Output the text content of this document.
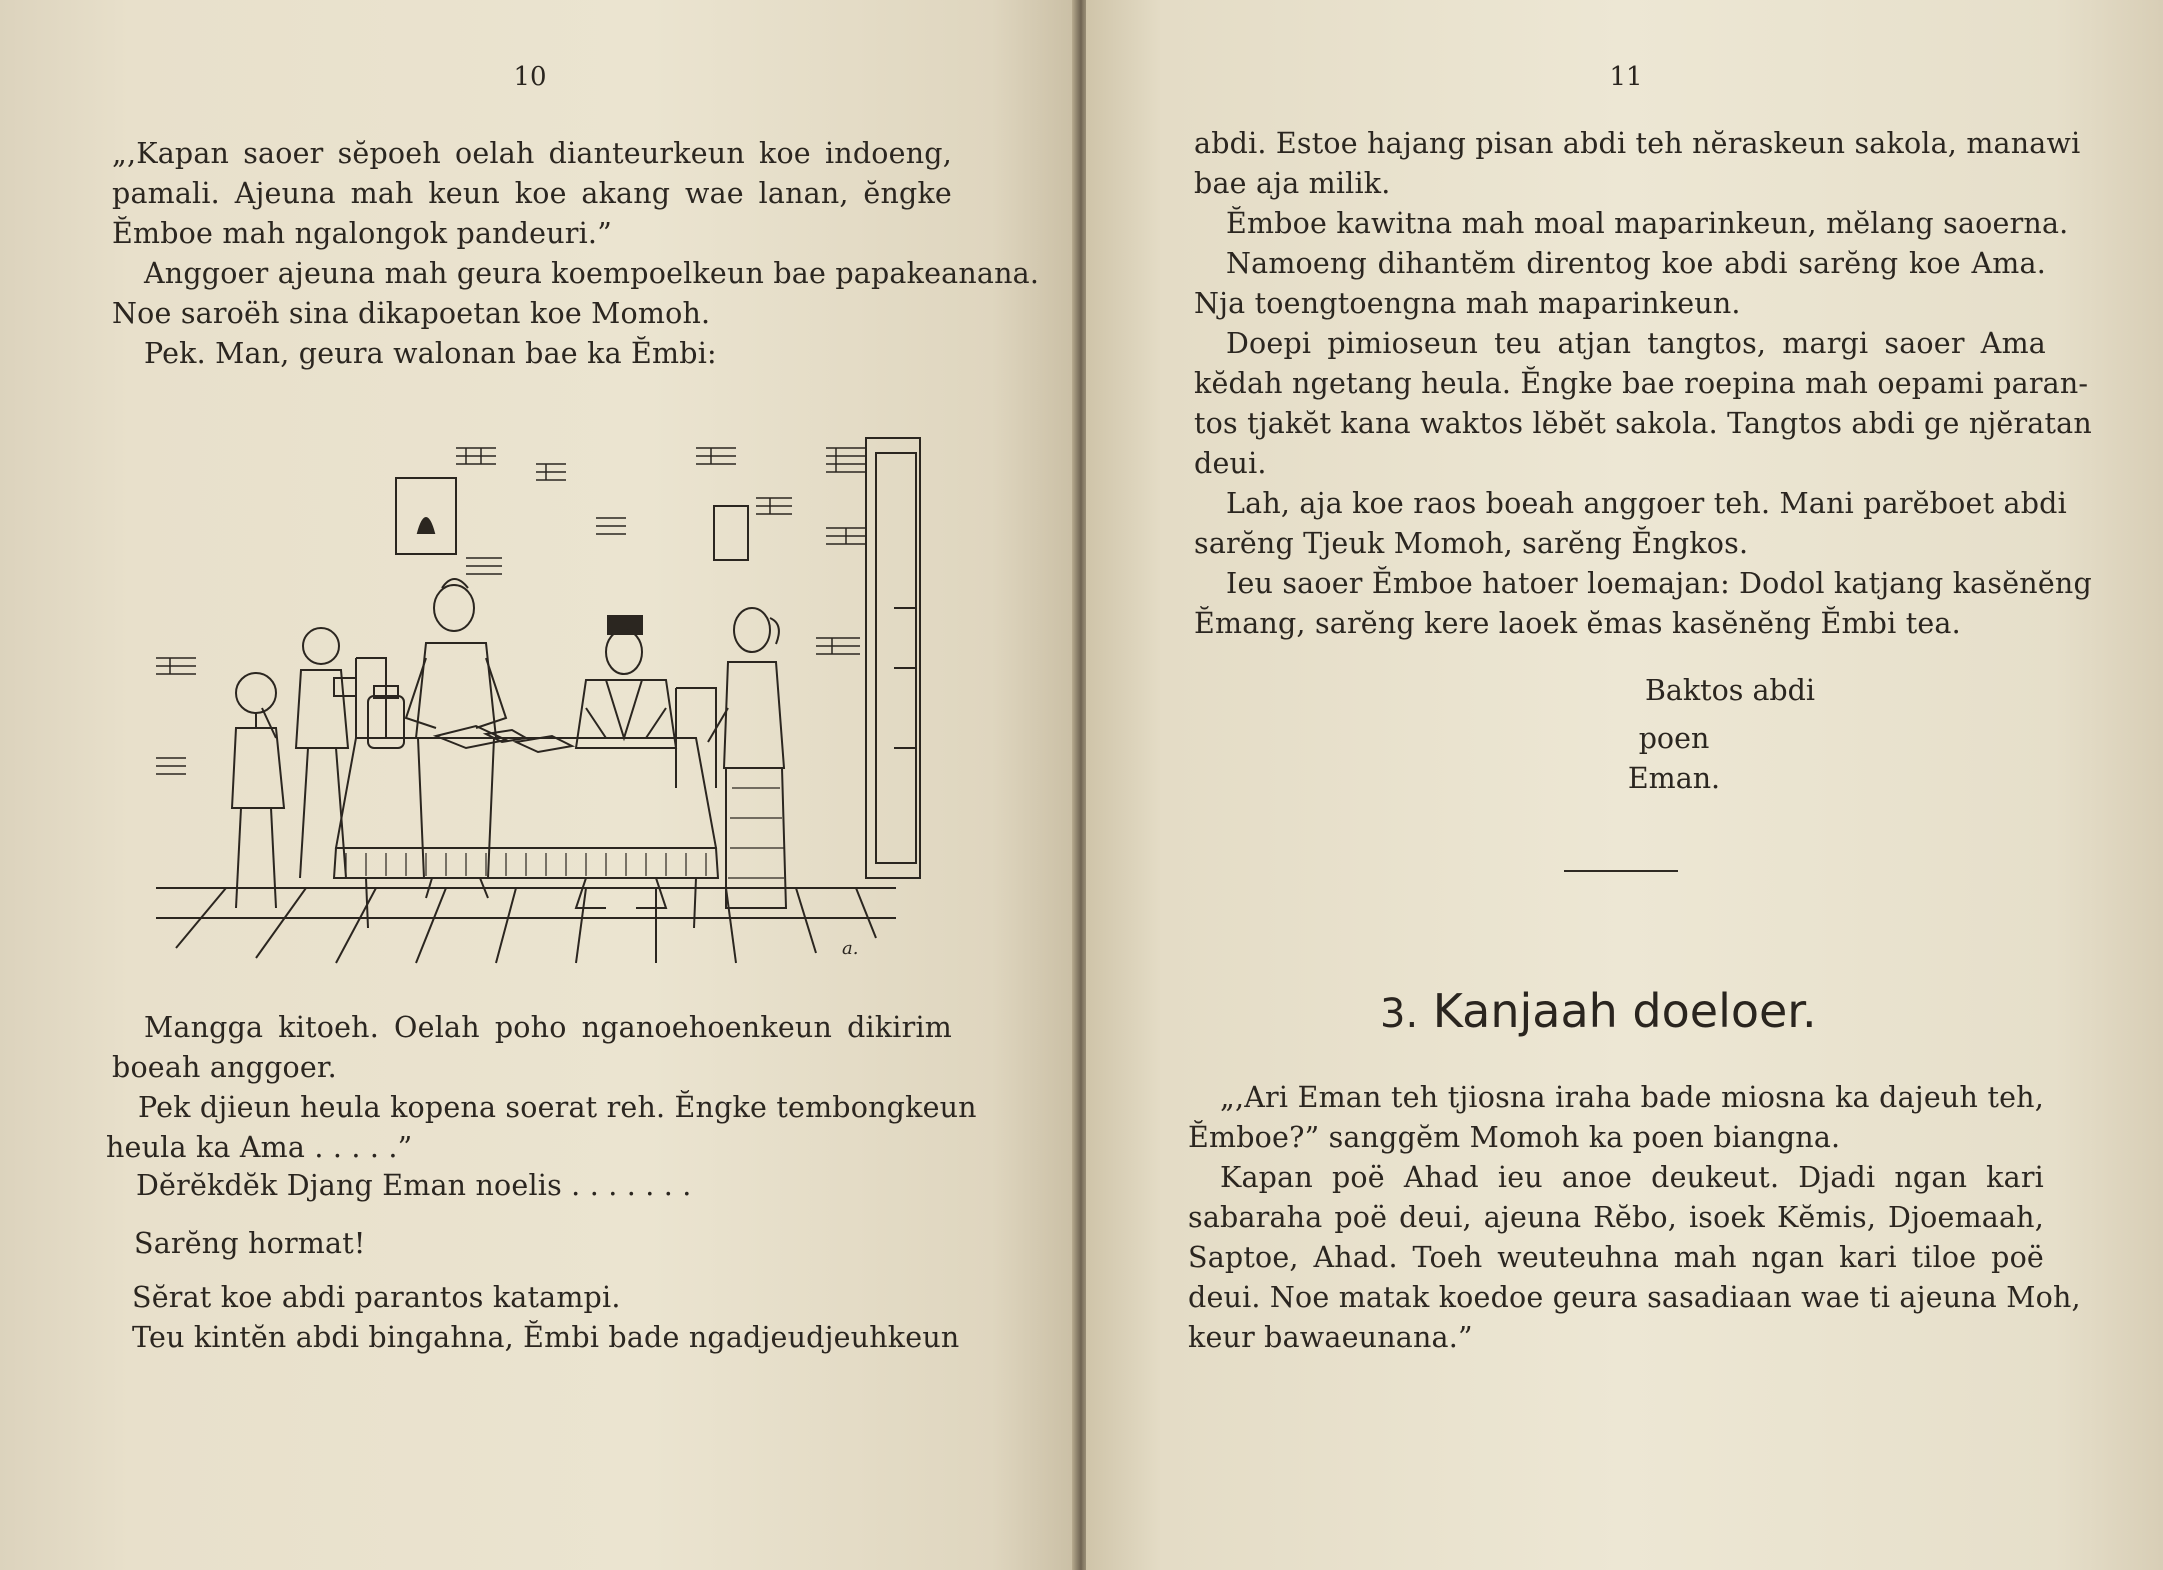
10

„,Kapan saoer sĕpoeh oelah dianteurkeun koe indoeng,
pamali. Ajeuna mah keun koe akang wae lanan, ĕngke
Ĕmboe mah ngalongok pandeuri.”

Anggoer ajeuna mah geura koempoelkeun bae papakeanana.
Noe saroëh sina dikapoetan koe Momoh.

Pek. Man, geura walonan bae ka Ĕmbi:

a.

Mangga kitoeh. Oelah poho nganoehoenkeun dikirim
boeah anggoer.

Pek djieun heula kopena soerat reh. Ĕngke tembongkeun
heula ka Ama . . . . .”

Dĕrĕkdĕk Djang Eman noelis . . . . . . .

Sarĕng hormat!

Sĕrat koe abdi parantos katampi.
Teu kintĕn abdi bingahna, Ĕmbi bade ngadjeudjeuhkeun

11

abdi. Estoe hajang pisan abdi teh nĕraskeun sakola, manawi
bae aja milik.

Ĕmboe kawitna mah moal maparinkeun, mĕlang saoerna.

Namoeng dihantĕm direntog koe abdi sarĕng koe Ama.
Nja toengtoengna mah maparinkeun.

Doepi pimioseun teu atjan tangtos, margi saoer Ama
kĕdah ngetang heula. Ĕngke bae roepina mah oepami paran-
tos tjakĕt kana waktos lĕbĕt sakola. Tangtos abdi ge njĕratan
deui.

Lah, aja koe raos boeah anggoer teh. Mani parĕboet abdi
sarĕng Tjeuk Momoh, sarĕng Ĕngkos.

Ieu saoer Ĕmboe hatoer loemajan: Dodol katjang kasĕnĕng
Ĕmang, sarĕng kere laoek ĕmas kasĕnĕng Ĕmbi tea.

Baktos abdi
poen
Eman.
3. Kanjaah doeloer.

„,Ari Eman teh tjiosna iraha bade miosna ka dajeuh teh,
Ĕmboe?” sanggĕm Momoh ka poen biangna.

Kapan poë Ahad ieu anoe deukeut. Djadi ngan kari
sabaraha poë deui, ajeuna Rĕbo, isoek Kĕmis, Djoemaah,
Saptoe, Ahad. Toeh weuteuhna mah ngan kari tiloe poë
deui. Noe matak koedoe geura sasadiaan wae ti ajeuna Moh,
keur bawaeunana.”
